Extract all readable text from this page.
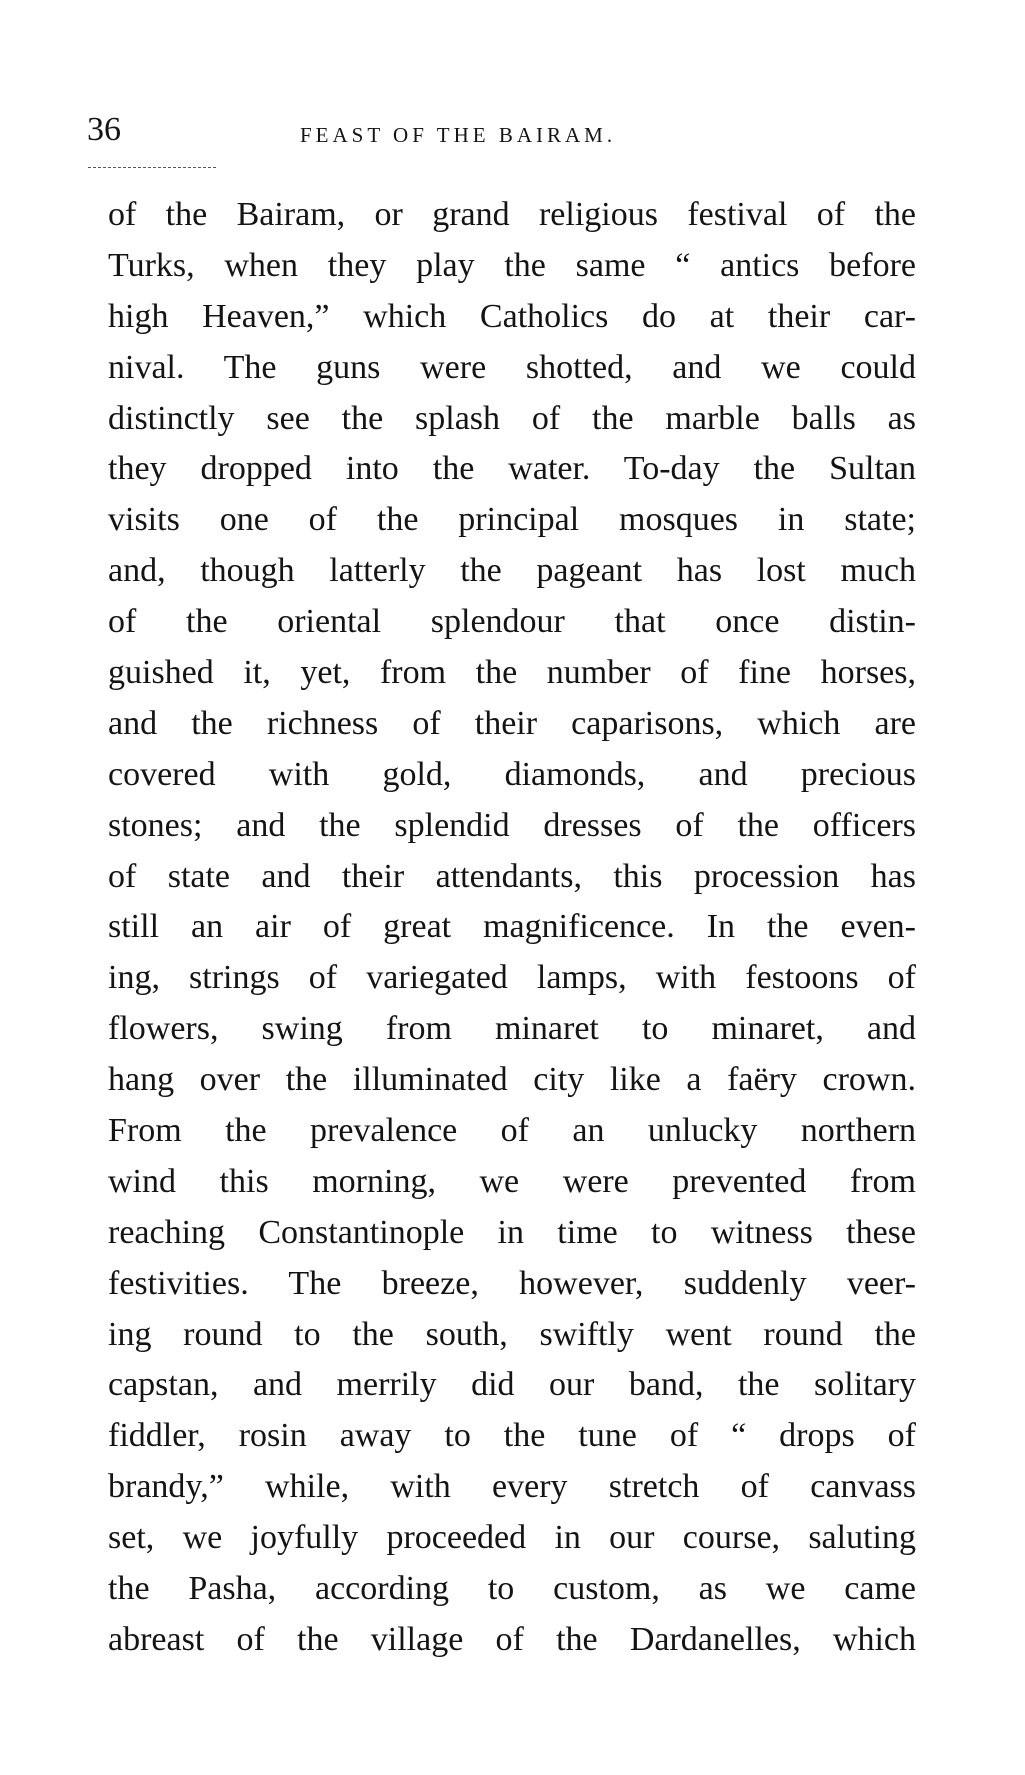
36	FEAST OF THE BAIRAM.
of the Bairam, or grand religious festival of the
Turks, when they play the same “ antics before
high Heaven,” which Catholics do at their car-
nival. The guns were shotted, and we could
distinctly see the splash of the marble balls as
they dropped into the water. To-day the Sultan
visits one of the principal mosques in state;
and, though latterly the pageant has lost much
of the oriental splendour that once distin-
guished it, yet, from the number of fine horses,
and the richness of their caparisons, which are
covered with gold, diamonds, and precious
stones; and the splendid dresses of the officers
of state and their attendants, this procession has
still an air of great magnificence. In the even-
ing, strings of variegated lamps, with festoons of
flowers, swing from minaret to minaret, and
hang over the illuminated city like a faëry crown.
From the prevalence of an unlucky northern
wind this morning, we were prevented from
reaching Constantinople in time to witness these
festivities. The breeze, however, suddenly veer-
ing round to the south, swiftly went round the
capstan, and merrily did our band, the solitary
fiddler, rosin away to the tune of “ drops of
brandy,” while, with every stretch of canvass
set, we joyfully proceeded in our course, saluting
the Pasha, according to custom, as we came
abreast of the village of the Dardanelles, which
